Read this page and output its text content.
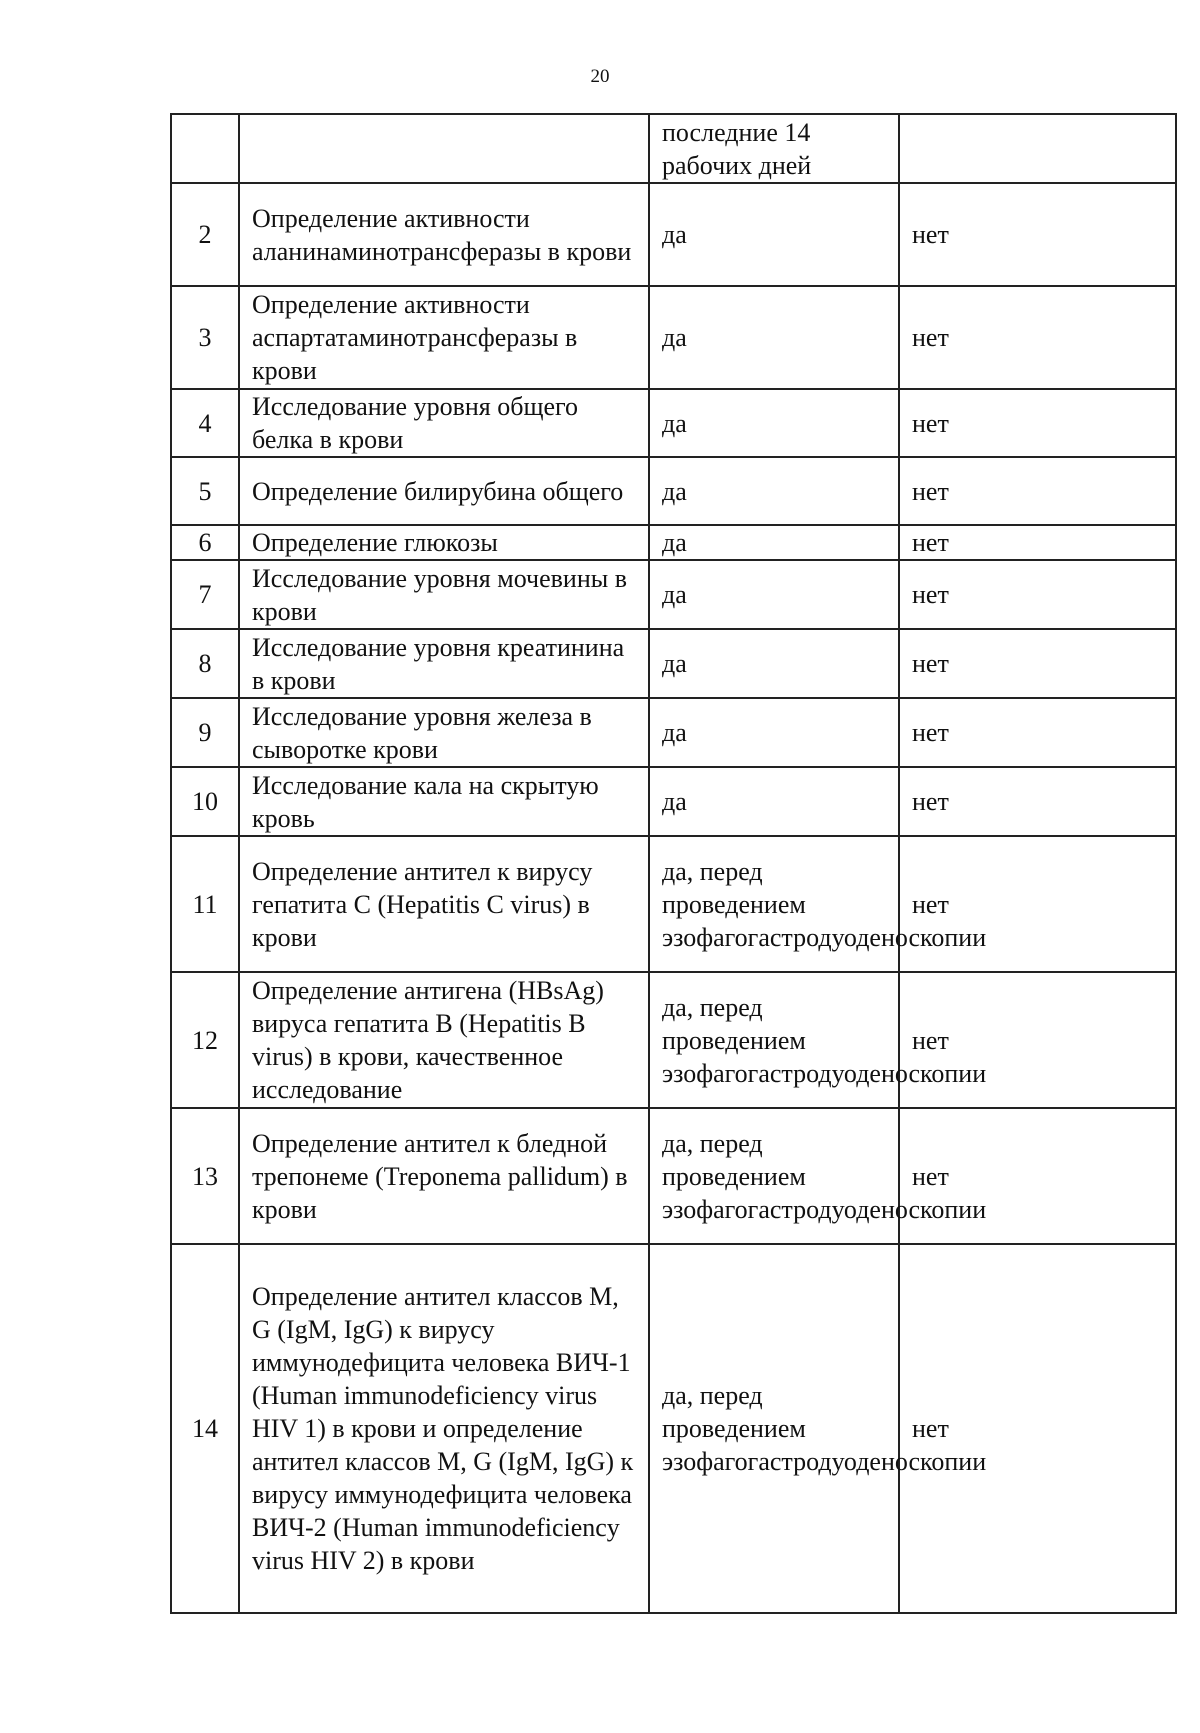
20
		последние 14 рабочих дней	
2	Определение активности аланинаминотрансферазы в крови	да	нет
3	Определение активности аспартатаминотрансферазы в крови	да	нет
4	Исследование уровня общего белка в крови	да	нет
5	Определение билирубина общего	да	нет
6	Определение глюкозы	да	нет
7	Исследование уровня мочевины в крови	да	нет
8	Исследование уровня креатинина в крови	да	нет
9	Исследование уровня железа в сыворотке крови	да	нет
10	Исследование кала на скрытую кровь	да	нет
11	Определение антител к вирусу гепатита С (Hepatitis C virus) в крови	да, перед проведением эзофагогастродуоденоскопии	нет
12	Определение антигена (HBsAg) вируса гепатита В (Hepatitis B virus) в крови, качественное исследование	да, перед проведением эзофагогастродуоденоскопии	нет
13	Определение антител к бледной трепонеме (Treponema pallidum) в крови	да, перед проведением эзофагогастродуоденоскопии	нет
14	Определение антител классов M, G (IgM, IgG) к вирусу иммунодефицита человека ВИЧ-1 (Human immunodeficiency virus HIV 1) в крови и определение антител классов M, G (IgM, IgG) к вирусу иммунодефицита человека ВИЧ-2 (Human immunodeficiency virus HIV 2) в крови	да, перед проведением эзофагогастродуоденоскопии	нет
